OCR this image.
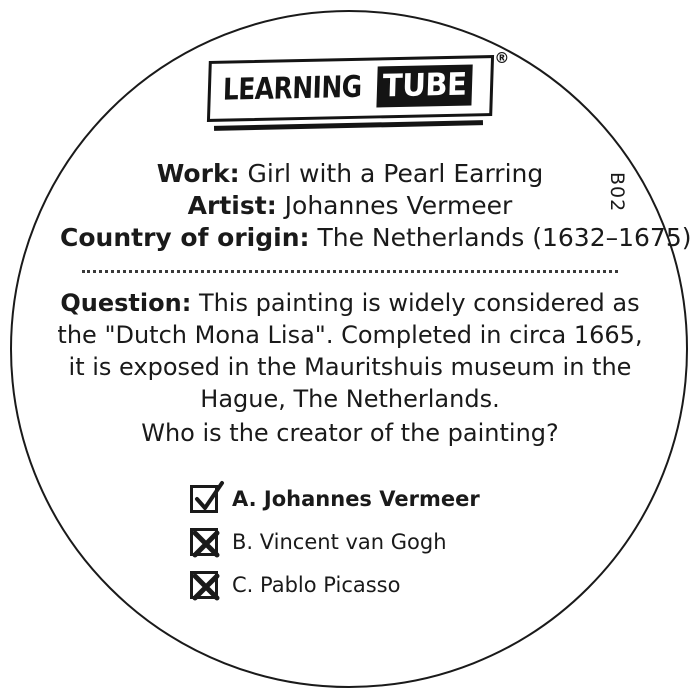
LEARNING TUBE
®
B02
Work: Girl with a Pearl Earring
Artist: Johannes Vermeer
Country of origin: The Netherlands (1632–1675)
Question: This painting is widely considered as the "Dutch Mona Lisa". Completed in circa 1665, it is exposed in the Mauritshuis museum in the Hague, The Netherlands.
Who is the creator of the painting?
A. Johannes Vermeer
B. Vincent van Gogh
C. Pablo Picasso
